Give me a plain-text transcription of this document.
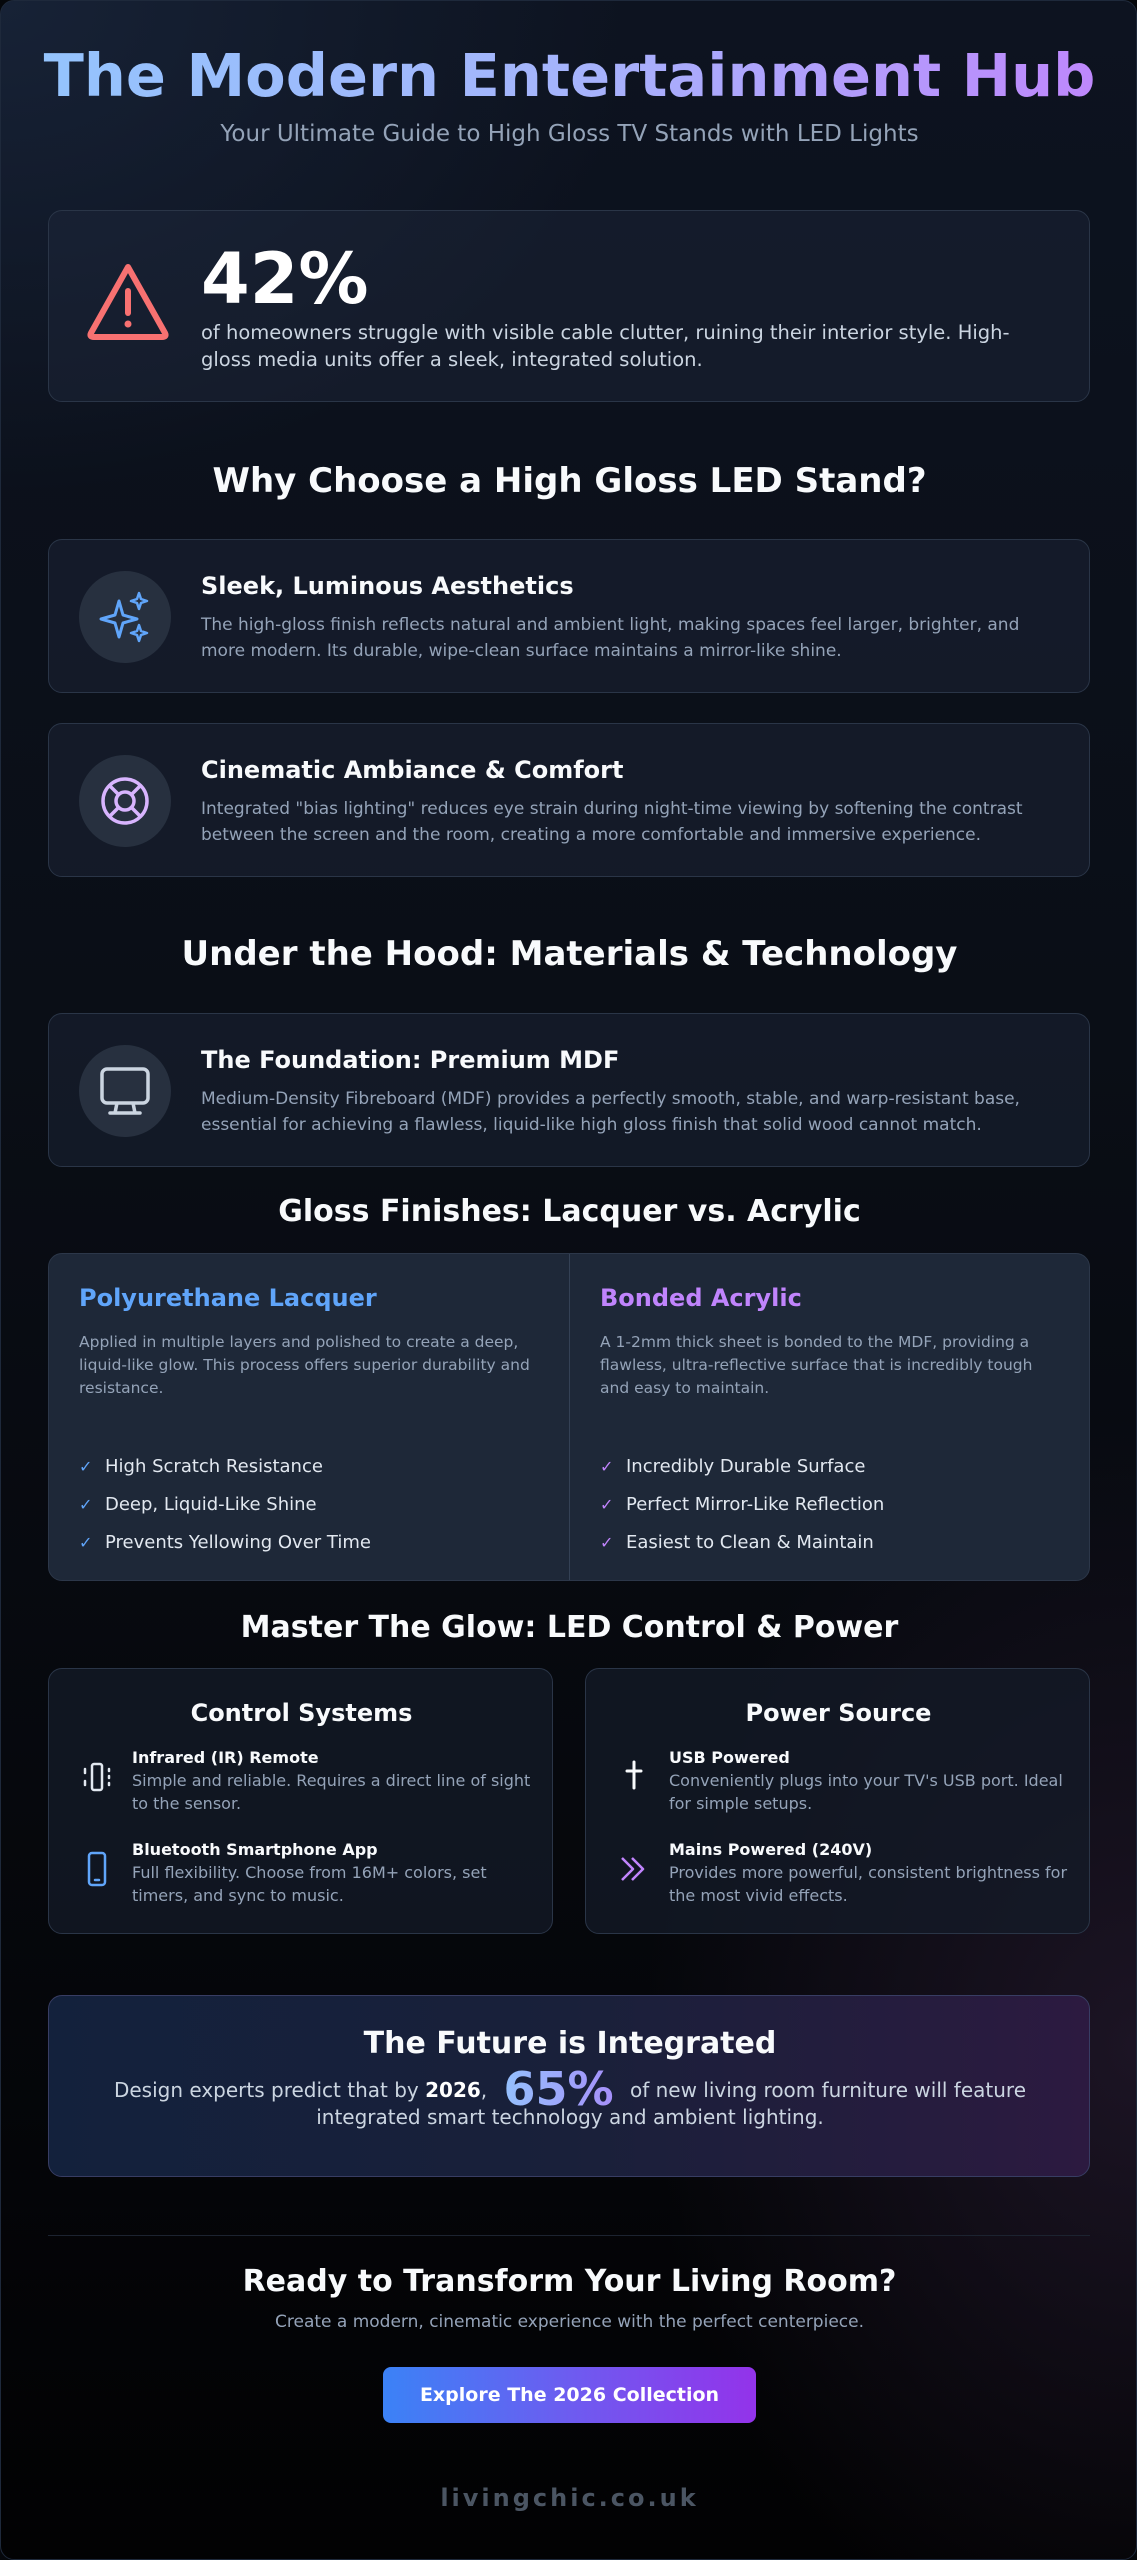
The Modern Entertainment Hub
Your Ultimate Guide to High Gloss TV Stands with LED Lights
42%
of homeowners struggle with visible cable clutter, ruining their interior style. High-gloss media units offer a sleek, integrated solution.
Why Choose a High Gloss LED Stand?
Sleek, Luminous Aesthetics
The high-gloss finish reflects natural and ambient light, making spaces feel larger, brighter, and more modern. Its durable, wipe-clean surface maintains a mirror-like shine.
Cinematic Ambiance & Comfort
Integrated "bias lighting" reduces eye strain during night-time viewing by softening the contrast between the screen and the room, creating a more comfortable and immersive experience.
Under the Hood: Materials & Technology
The Foundation: Premium MDF
Medium-Density Fibreboard (MDF) provides a perfectly smooth, stable, and warp-resistant base, essential for achieving a flawless, liquid-like high gloss finish that solid wood cannot match.
Gloss Finishes: Lacquer vs. Acrylic
Polyurethane Lacquer
Applied in multiple layers and polished to create a deep, liquid-like glow. This process offers superior durability and resistance.
✓ High Scratch Resistance
✓ Deep, Liquid-Like Shine
✓ Prevents Yellowing Over Time
Bonded Acrylic
A 1-2mm thick sheet is bonded to the MDF, providing a flawless, ultra-reflective surface that is incredibly tough and easy to maintain.
✓ Incredibly Durable Surface
✓ Perfect Mirror-Like Reflection
✓ Easiest to Clean & Maintain
Master The Glow: LED Control & Power
Control Systems
Infrared (IR) Remote
Simple and reliable. Requires a direct line of sight to the sensor.
Bluetooth Smartphone App
Full flexibility. Choose from 16M+ colors, set timers, and sync to music.
Power Source
USB Powered
Conveniently plugs into your TV's USB port. Ideal for simple setups.
Mains Powered (240V)
Provides more powerful, consistent brightness for the most vivid effects.
The Future is Integrated
Design experts predict that by 2026, 65% of new living room furniture will feature integrated smart technology and ambient lighting.
Ready to Transform Your Living Room?
Create a modern, cinematic experience with the perfect centerpiece.
Explore The 2026 Collection
livingchic.co.uk
